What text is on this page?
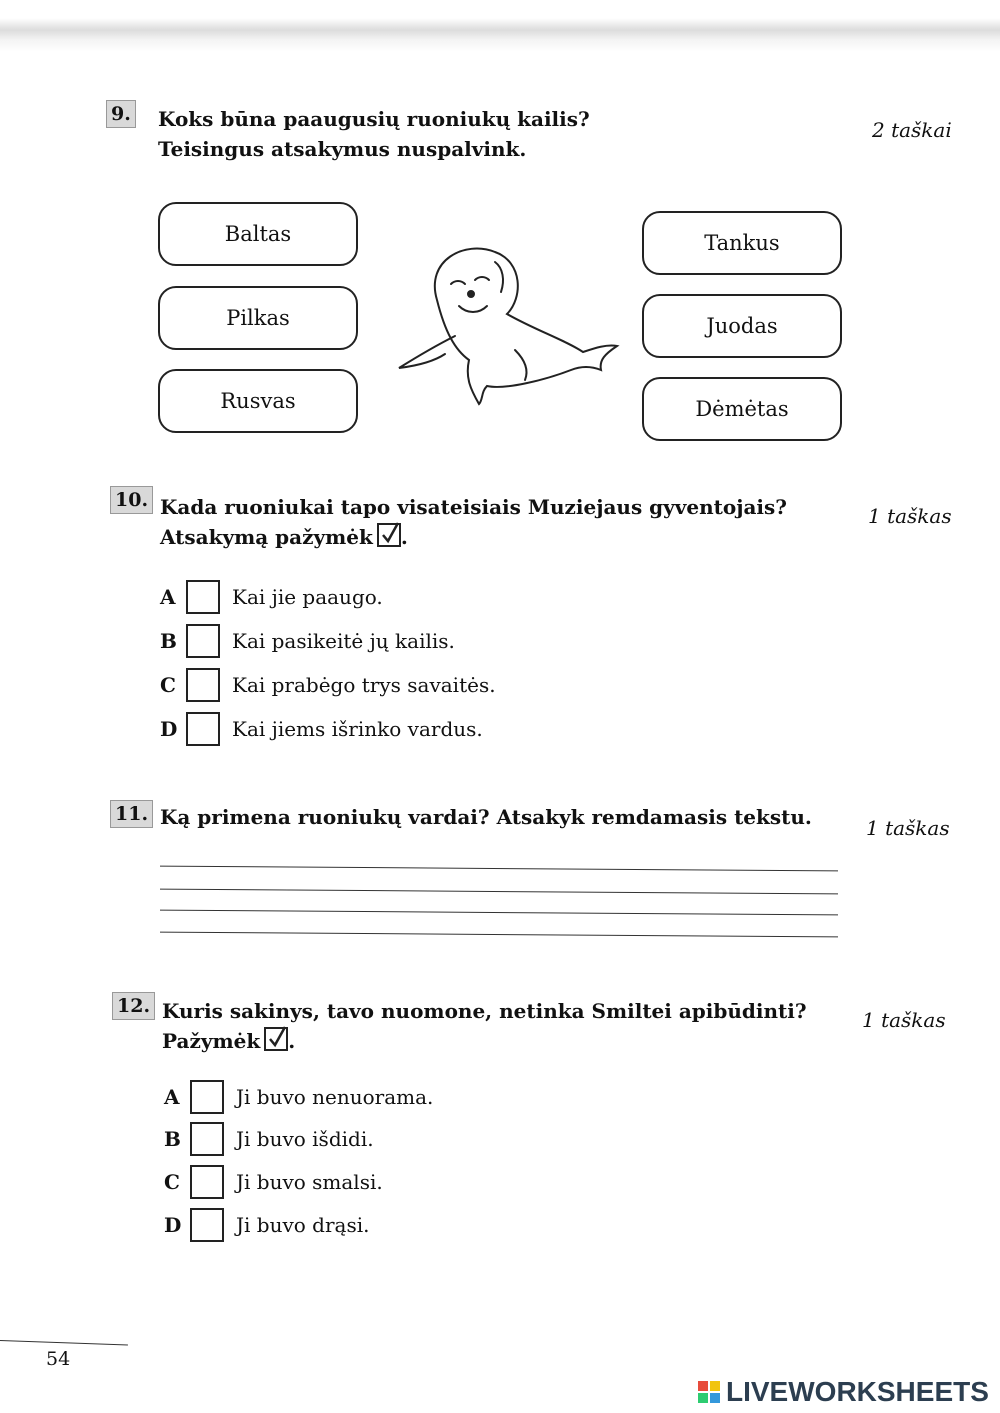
9. Koks būna paaugusių ruoniukų kailis?
Teisingus atsakymus nuspalvink.
2 taškai
Baltas
Pilkas
Rusvas
Tankus
Juodas
Dėmėtas
10. Kada ruoniukai tapo visateisiais Muziejaus gyventojais?
Atsakymą pažymėk .
1 taškas
A	Kai jie paaugo.
B	Kai pasikeitė jų kailis.
C	Kai prabėgo trys savaitės.
D	Kai jiems išrinko vardus.
11. Ką primena ruoniukų vardai? Atsakyk remdamasis tekstu.	1 taškas
12. Kuris sakinys, tavo nuomone, netinka Smiltei apibūdinti?
Pažymėk .
1 taškas
A	Ji buvo nenuorama.
B	Ji buvo išdidi.
C	Ji buvo smalsi.
D	Ji buvo drąsi.
54
LIVEWORKSHEETS
